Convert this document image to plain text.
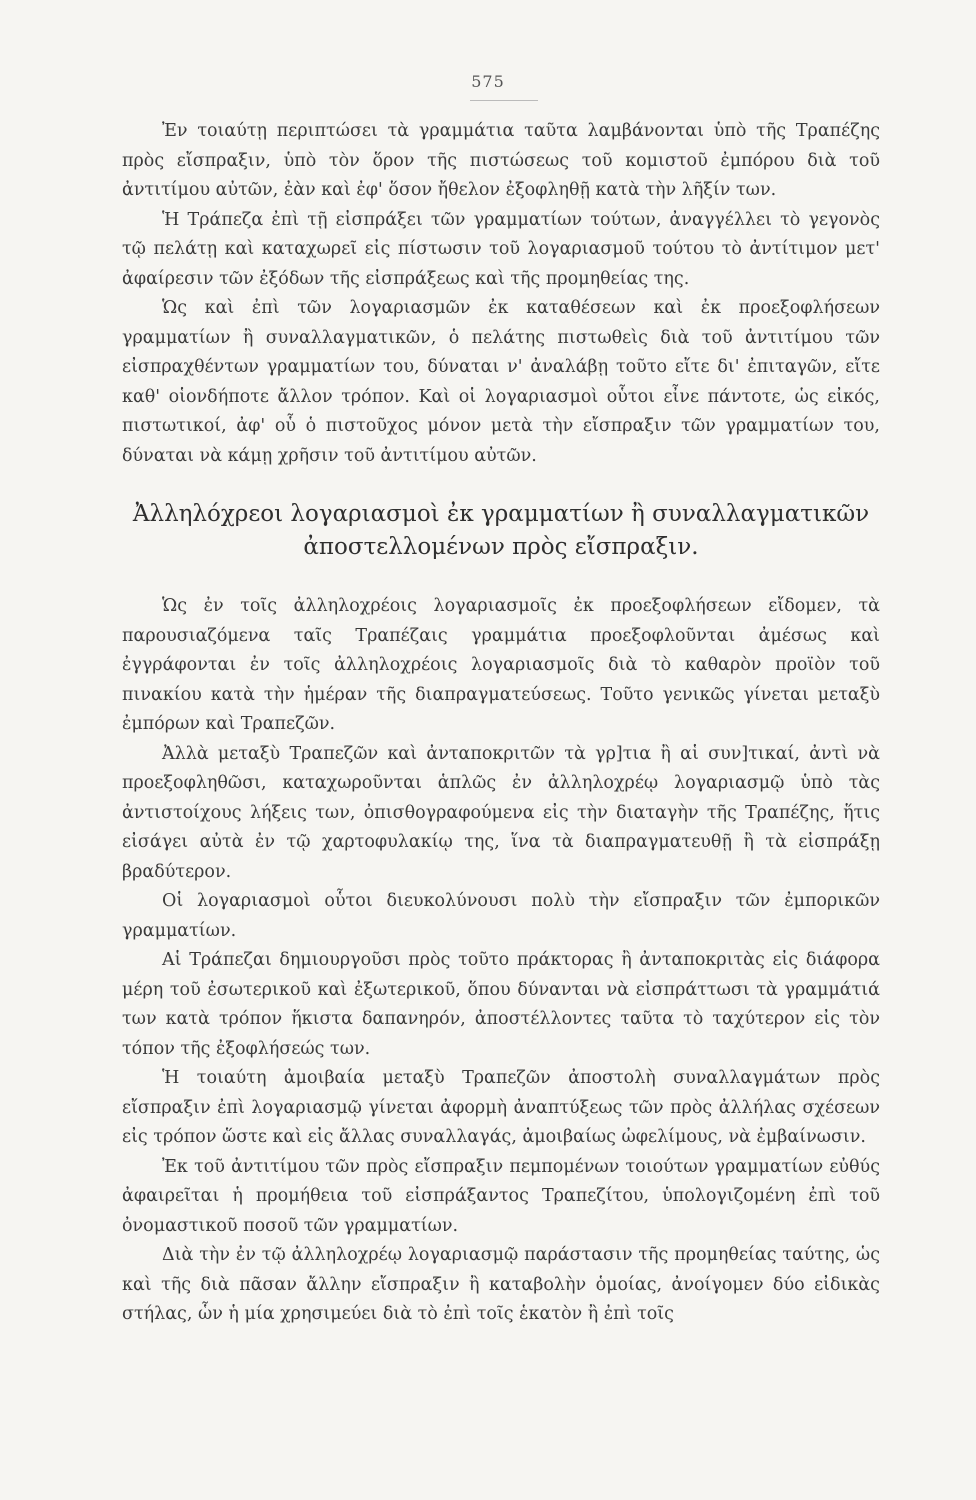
575

Ἐν τοιαύτῃ περιπτώσει τὰ γραμμάτια ταῦτα λαμβάνονται ὑπὸ τῆς Τραπέζης πρὸς εἴσπραξιν, ὑπὸ τὸν ὅρον τῆς πιστώσεως τοῦ κομιστοῦ ἐμπόρου διὰ τοῦ ἀντιτίμου αὐτῶν, ἐὰν καὶ ἐφ' ὅσον ἤθελον ἐξοφληθῇ κατὰ τὴν λῆξίν των.

Ἡ Τράπεζα ἐπὶ τῇ εἰσπράξει τῶν γραμματίων τούτων, ἀναγγέλλει τὸ γεγονὸς τῷ πελάτῃ καὶ καταχωρεῖ εἰς πίστωσιν τοῦ λογαριασμοῦ τούτου τὸ ἀντίτιμον μετ' ἀφαίρεσιν τῶν ἐξόδων τῆς εἰσπράξεως καὶ τῆς προμηθείας της.

Ὡς καὶ ἐπὶ τῶν λογαριασμῶν ἐκ καταθέσεων καὶ ἐκ προεξοφλήσεων γραμματίων ἢ συναλλαγματικῶν, ὁ πελάτης πιστωθεὶς διὰ τοῦ ἀντιτίμου τῶν εἰσπραχθέντων γραμματίων του, δύναται ν' ἀναλάβῃ τοῦτο εἴτε δι' ἐπιταγῶν, εἴτε καθ' οἱονδήποτε ἄλλον τρόπον. Καὶ οἱ λογαριασμοὶ οὗτοι εἶνε πάντοτε, ὡς εἰκός, πιστωτικοί, ἀφ' οὗ ὁ πιστοῦχος μόνον μετὰ τὴν εἴσπραξιν τῶν γραμματίων του, δύναται νὰ κάμῃ χρῆσιν τοῦ ἀντιτίμου αὐτῶν.

Ἀλληλόχρεοι λογαριασμοὶ ἐκ γραμματίων ἢ συναλλαγματικῶν
ἀποστελλομένων πρὸς εἴσπραξιν.

Ὡς ἐν τοῖς ἀλληλοχρέοις λογαριασμοῖς ἐκ προεξοφλήσεων εἴδομεν, τὰ παρουσιαζόμενα ταῖς Τραπέζαις γραμμάτια προεξοφλοῦνται ἀμέσως καὶ ἐγγράφονται ἐν τοῖς ἀλληλοχρέοις λογαριασμοῖς διὰ τὸ καθαρὸν προϊὸν τοῦ πινακίου κατὰ τὴν ἡμέραν τῆς διαπραγματεύσεως. Τοῦτο γενικῶς γίνεται μεταξὺ ἐμπόρων καὶ Τραπεζῶν.

Ἀλλὰ μεταξὺ Τραπεζῶν καὶ ἀνταποκριτῶν τὰ γρ]τια ἢ αἱ συν]τικαί, ἀντὶ νὰ προεξοφληθῶσι, καταχωροῦνται ἁπλῶς ἐν ἀλληλοχρέῳ λογαριασμῷ ὑπὸ τὰς ἀντιστοίχους λήξεις των, ὀπισθογραφούμενα εἰς τὴν διαταγὴν τῆς Τραπέζης, ἥτις εἰσάγει αὐτὰ ἐν τῷ χαρτοφυλακίῳ της, ἵνα τὰ διαπραγματευθῇ ἢ τὰ εἰσπράξῃ βραδύτερον.

Οἱ λογαριασμοὶ οὗτοι διευκολύνουσι πολὺ τὴν εἴσπραξιν τῶν ἐμπορικῶν γραμματίων.

Αἱ Τράπεζαι δημιουργοῦσι πρὸς τοῦτο πράκτορας ἢ ἀνταποκριτὰς εἰς διάφορα μέρη τοῦ ἐσωτερικοῦ καὶ ἐξωτερικοῦ, ὅπου δύνανται νὰ εἰσπράττωσι τὰ γραμμάτιά των κατὰ τρόπον ἥκιστα δαπανηρόν, ἀποστέλλοντες ταῦτα τὸ ταχύτερον εἰς τὸν τόπον τῆς ἐξοφλήσεώς των.

Ἡ τοιαύτη ἀμοιβαία μεταξὺ Τραπεζῶν ἀποστολὴ συναλλαγμάτων πρὸς εἴσπραξιν ἐπὶ λογαριασμῷ γίνεται ἀφορμὴ ἀναπτύξεως τῶν πρὸς ἀλλήλας σχέσεων εἰς τρόπον ὥστε καὶ εἰς ἄλλας συναλλαγάς, ἀμοιβαίως ὠφελίμους, νὰ ἐμβαίνωσιν.

Ἐκ τοῦ ἀντιτίμου τῶν πρὸς εἴσπραξιν πεμπομένων τοιούτων γραμματίων εὐθύς ἀφαιρεῖται ἡ προμήθεια τοῦ εἰσπράξαντος Τραπεζίτου, ὑπολογιζομένη ἐπὶ τοῦ ὀνομαστικοῦ ποσοῦ τῶν γραμματίων.

Διὰ τὴν ἐν τῷ ἀλληλοχρέῳ λογαριασμῷ παράστασιν τῆς προμηθείας ταύτης, ὡς καὶ τῆς διὰ πᾶσαν ἄλλην εἴσπραξιν ἢ καταβολὴν ὁμοίας, ἀνοίγομεν δύο εἰδικὰς στήλας, ὧν ἡ μία χρησιμεύει διὰ τὸ ἐπὶ τοῖς ἑκατὸν ἢ ἐπὶ τοῖς
